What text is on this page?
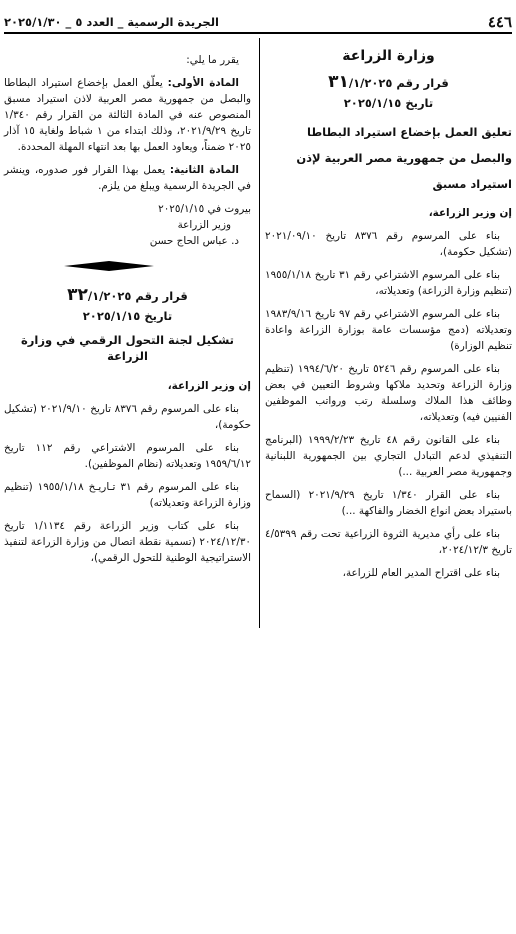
٤٤٦
الجريدة الرسمية _ العدد ٥ _ ٢٠٢٥/١/٣٠
وزارة الزراعة
قرار رقم ٣١/١/٢٠٢٥
تاريخ ٢٠٢٥/١/١٥
تعليق العمل بإخضاع استيراد البطاطا والبصل من جمهورية مصر العربية لإذن استيراد مسبق

إن وزير الزراعة،

بناء على المرسوم رقم ٨٣٧٦ تاريخ ٢٠٢١/٠٩/١٠ (تشكيل حكومة)،

بناء على المرسوم الاشتراعي رقم ٣١ تاريخ ١٩٥٥/١/١٨ (تنظيم وزارة الزراعة) وتعديلاته،

بناء على المرسوم الاشتراعي رقم ٩٧ تاريخ ١٩٨٣/٩/١٦ وتعديلاته (دمج مؤسسات عامة بوزارة الزراعة واعادة تنظيم الوزارة)

بناء على المرسوم رقم ٥٢٤٦ تاريخ ١٩٩٤/٦/٢٠ (تنظيم وزارة الزراعة وتحديد ملاكها وشروط التعيين في بعض وظائف هذا الملاك وسلسلة رتب ورواتب الموظفين الفنيين فيه) وتعديلاته،

بناء على القانون رقم ٤٨ تاريخ ١٩٩٩/٢/٢٣ (البرنامج التنفيذي لدعم التبادل التجاري بين الجمهورية اللبنانية وجمهورية مصر العربية ...)

بناء على القرار ١/٣٤٠ تاريخ ٢٠٢١/٩/٢٩ (السماح باستيراد بعض انواع الخضار والفاكهة ...)

بناء على رأي مديرية الثروة الزراعية تحت رقم ٤/٥٣٩٩ تاريخ ٢٠٢٤/١٢/٣،

بناء على اقتراح المدير العام للزراعة،

يقرر ما يلي:

المادة الأولى: يعلّق العمل بإخضاع استيراد البطاطا والبصل من جمهورية مصر العربية لاذن استيراد مسبق المنصوص عنه في المادة الثالثة من القرار رقم ١/٣٤٠ تاريخ ٢٠٢١/٩/٢٩، وذلك ابتداء من ١ شباط ولغاية ١٥ آذار ٢٠٢٥ ضمناً، ويعاود العمل بها بعد انتهاء المهلة المحددة.

المادة الثانية: يعمل بهذا القرار فور صدوره، وينشر في الجريدة الرسمية ويبلغ من يلزم.

بيروت في ٢٠٢٥/١/١٥
وزير الزراعة
د. عباس الحاج حسن
قرار رقم ٣٢/١/٢٠٢٥
تاريخ ٢٠٢٥/١/١٥
تشكيل لجنة التحول الرقمي في وزارة الزراعة

إن وزير الزراعة،

بناء على المرسوم رقم ٨٣٧٦ تاريخ ٢٠٢١/٩/١٠ (تشكيل حكومة)،

بناء على المرسوم الاشتراعي رقم ١١٢ تاريخ ١٩٥٩/٦/١٢ وتعديلاته (نظام الموظفين).

بناء على المرسوم رقم ٣١ تـاريـخ ١٩٥٥/١/١٨ (تنظيم وزارة الزراعة وتعديلاته)

بناء على كتاب وزير الزراعة رقم ١/١١٣٤ تاريخ ٢٠٢٤/١٢/٣٠ (تسمية نقطة اتصال من وزارة الزراعة لتنفيذ الاستراتيجية الوطنية للتحول الرقمي)،
